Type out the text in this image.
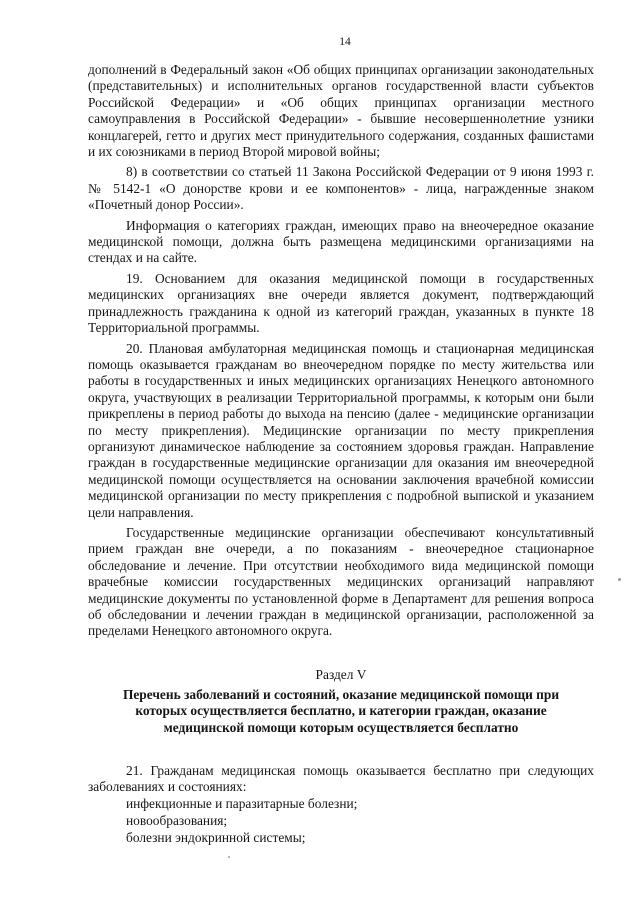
14

дополнений в Федеральный закон «Об общих принципах организации законодательных (представительных) и исполнительных органов государственной власти субъектов Российской Федерации» и «Об общих принципах организации местного самоуправления в Российской Федерации» - бывшие несовершеннолетние узники концлагерей, гетто и других мест принудительного содержания, созданных фашистами и их союзниками в период Второй мировой войны;

8) в соответствии со статьей 11 Закона Российской Федерации от 9 июня 1993 г. № 5142-1 «О донорстве крови и ее компонентов» - лица, награжденные знаком «Почетный донор России».

Информация о категориях граждан, имеющих право на внеочередное оказание медицинской помощи, должна быть размещена медицинскими организациями на стендах и на сайте.

19. Основанием для оказания медицинской помощи в государственных медицинских организациях вне очереди является документ, подтверждающий принадлежность гражданина к одной из категорий граждан, указанных в пункте 18 Территориальной программы.

20. Плановая амбулаторная медицинская помощь и стационарная медицинская помощь оказывается гражданам во внеочередном порядке по месту жительства или работы в государственных и иных медицинских организациях Ненецкого автономного округа, участвующих в реализации Территориальной программы, к которым они были прикреплены в период работы до выхода на пенсию (далее - медицинские организации по месту прикрепления). Медицинские организации по месту прикрепления организуют динамическое наблюдение за состоянием здоровья граждан. Направление граждан в государственные медицинские организации для оказания им внеочередной медицинской помощи осуществляется на основании заключения врачебной комиссии медицинской организации по месту прикрепления с подробной выпиской и указанием цели направления.

Государственные медицинские организации обеспечивают консультативный прием граждан вне очереди, а по показаниям - внеочередное стационарное обследование и лечение. При отсутствии необходимого вида медицинской помощи врачебные комиссии государственных медицинских организаций направляют медицинские документы по установленной форме в Департамент для решения вопроса об обследовании и лечении граждан в медицинской организации, расположенной за пределами Ненецкого автономного округа.

Раздел V
Перечень заболеваний и состояний, оказание медицинской помощи при которых осуществляется бесплатно, и категории граждан, оказание медицинской помощи которым осуществляется бесплатно

21. Гражданам медицинская помощь оказывается бесплатно при следующих заболеваниях и состояниях:

инфекционные и паразитарные болезни;
новообразования;
болезни эндокринной системы;
